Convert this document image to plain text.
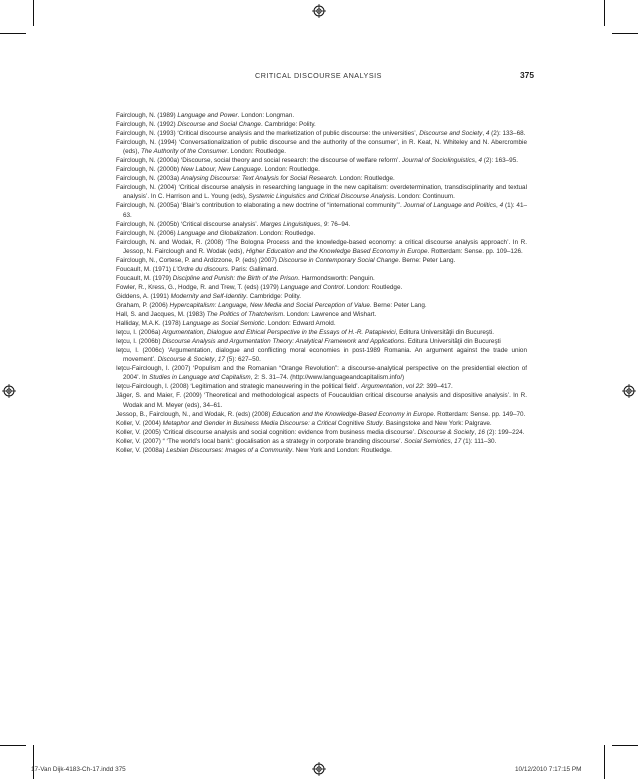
CRITICAL DISCOURSE ANALYSIS	375
Fairclough, N. (1989) Language and Power. London: Longman.
Fairclough, N. (1992) Discourse and Social Change. Cambridge: Polity.
Fairclough, N. (1993) ‘Critical discourse analysis and the marketization of public discourse: the universities’, Discourse and Society, 4 (2): 133–68.
Fairclough, N. (1994) ‘Conversationalization of public discourse and the authority of the consumer’, in R. Keat, N. Whiteley and N. Abercrombie (eds), The Authority of the Consumer. London: Routledge.
Fairclough, N. (2000a) ‘Discourse, social theory and social research: the discourse of welfare reform’. Journal of Sociolinguistics, 4 (2): 163–95.
Fairclough, N. (2000b) New Labour, New Language. London: Routledge.
Fairclough, N. (2003a) Analysing Discourse: Text Analysis for Social Research. London: Routledge.
Fairclough, N. (2004) ‘Critical discourse analysis in researching language in the new capitalism: overdetermination, transdisciplinarity and textual analysis’. In C. Harrison and L. Young (eds), Systemic Linguistics and Critical Discourse Analysis. London: Continuum.
Fairclough, N. (2005a) ‘Blair’s contribution to elaborating a new doctrine of “international community”’. Journal of Language and Politics, 4 (1): 41–63.
Fairclough, N. (2005b) ‘Critical discourse analysis’. Marges Linguistiques, 9: 76–94.
Fairclough, N. (2006) Language and Globalization. London: Routledge.
Fairclough, N. and Wodak, R. (2008) ‘The Bologna Process and the knowledge-based economy: a critical discourse analysis approach’. In R. Jessop, N. Fairclough and R. Wodak (eds), Higher Education and the Knowledge Based Economy in Europe. Rotterdam: Sense. pp. 109–126.
Fairclough, N., Cortese, P. and Ardizzone, P. (eds) (2007) Discourse in Contemporary Social Change. Berne: Peter Lang.
Foucault, M. (1971) L’Ordre du discours. Paris: Gallimard.
Foucault, M. (1979) Discipline and Punish: the Birth of the Prison. Harmondsworth: Penguin.
Fowler, R., Kress, G., Hodge, R. and Trew, T. (eds) (1979) Language and Control. London: Routledge.
Giddens, A. (1991) Modernity and Self-Identity. Cambridge: Polity.
Graham, P. (2006) Hypercapitalism: Language, New Media and Social Perception of Value. Berne: Peter Lang.
Hall, S. and Jacques, M. (1983) The Politics of Thatcherism. London: Lawrence and Wishart.
Halliday, M.A.K. (1978) Language as Social Semiotic. London: Edward Arnold.
Ieţcu, I. (2006a) Argumentation, Dialogue and Ethical Perspective in the Essays of H.-R. Patapievici, Editura Universităţii din Bucureşti.
Ieţcu, I. (2006b) Discourse Analysis and Argumentation Theory: Analytical Framework and Applications. Editura Universităţii din Bucureşti
Ieţcu, I. (2006c) ‘Argumentation, dialogue and conflicting moral economies in post-1989 Romania. An argument against the trade union movement’. Discourse & Society, 17 (5): 627–50.
Ieţcu-Fairclough, I. (2007) ‘Populism and the Romanian “Orange Revolution”: a discourse-analytical perspective on the presidential election of 2004’. In Studies in Language and Capitalism, 2: S. 31–74. (http://www.languageandcapitalism.info/)
Ieţcu-Fairclough, I. (2008) ‘Legitimation and strategic maneuvering in the political field’. Argumentation, vol 22: 399–417.
Jäger, S. and Maier, F. (2009) ‘Theoretical and methodological aspects of Foucauldian critical discourse analysis and dispositive analysis’. In R. Wodak and M. Meyer (eds), 34–61.
Jessop, B., Fairclough, N., and Wodak, R. (eds) (2008) Education and the Knowledge-Based Economy in Europe. Rotterdam: Sense. pp. 149–70.
Koller, V. (2004) Metaphor and Gender in Business Media Discourse: a Critical Cognitive Study. Basingstoke and New York: Palgrave.
Koller, V. (2005) ‘Critical discourse analysis and social cognition: evidence from business media discourse’. Discourse & Society, 16 (2): 199–224.
Koller, V. (2007) “ ‘The world’s local bank’: glocalisation as a strategy in corporate branding discourse’. Social Semiotics, 17 (1): 111–30.
Koller, V. (2008a) Lesbian Discourses: Images of a Community. New York and London: Routledge.
17-Van Dijk-4183-Ch-17.indd 375	10/12/2010 7:17:15 PM
